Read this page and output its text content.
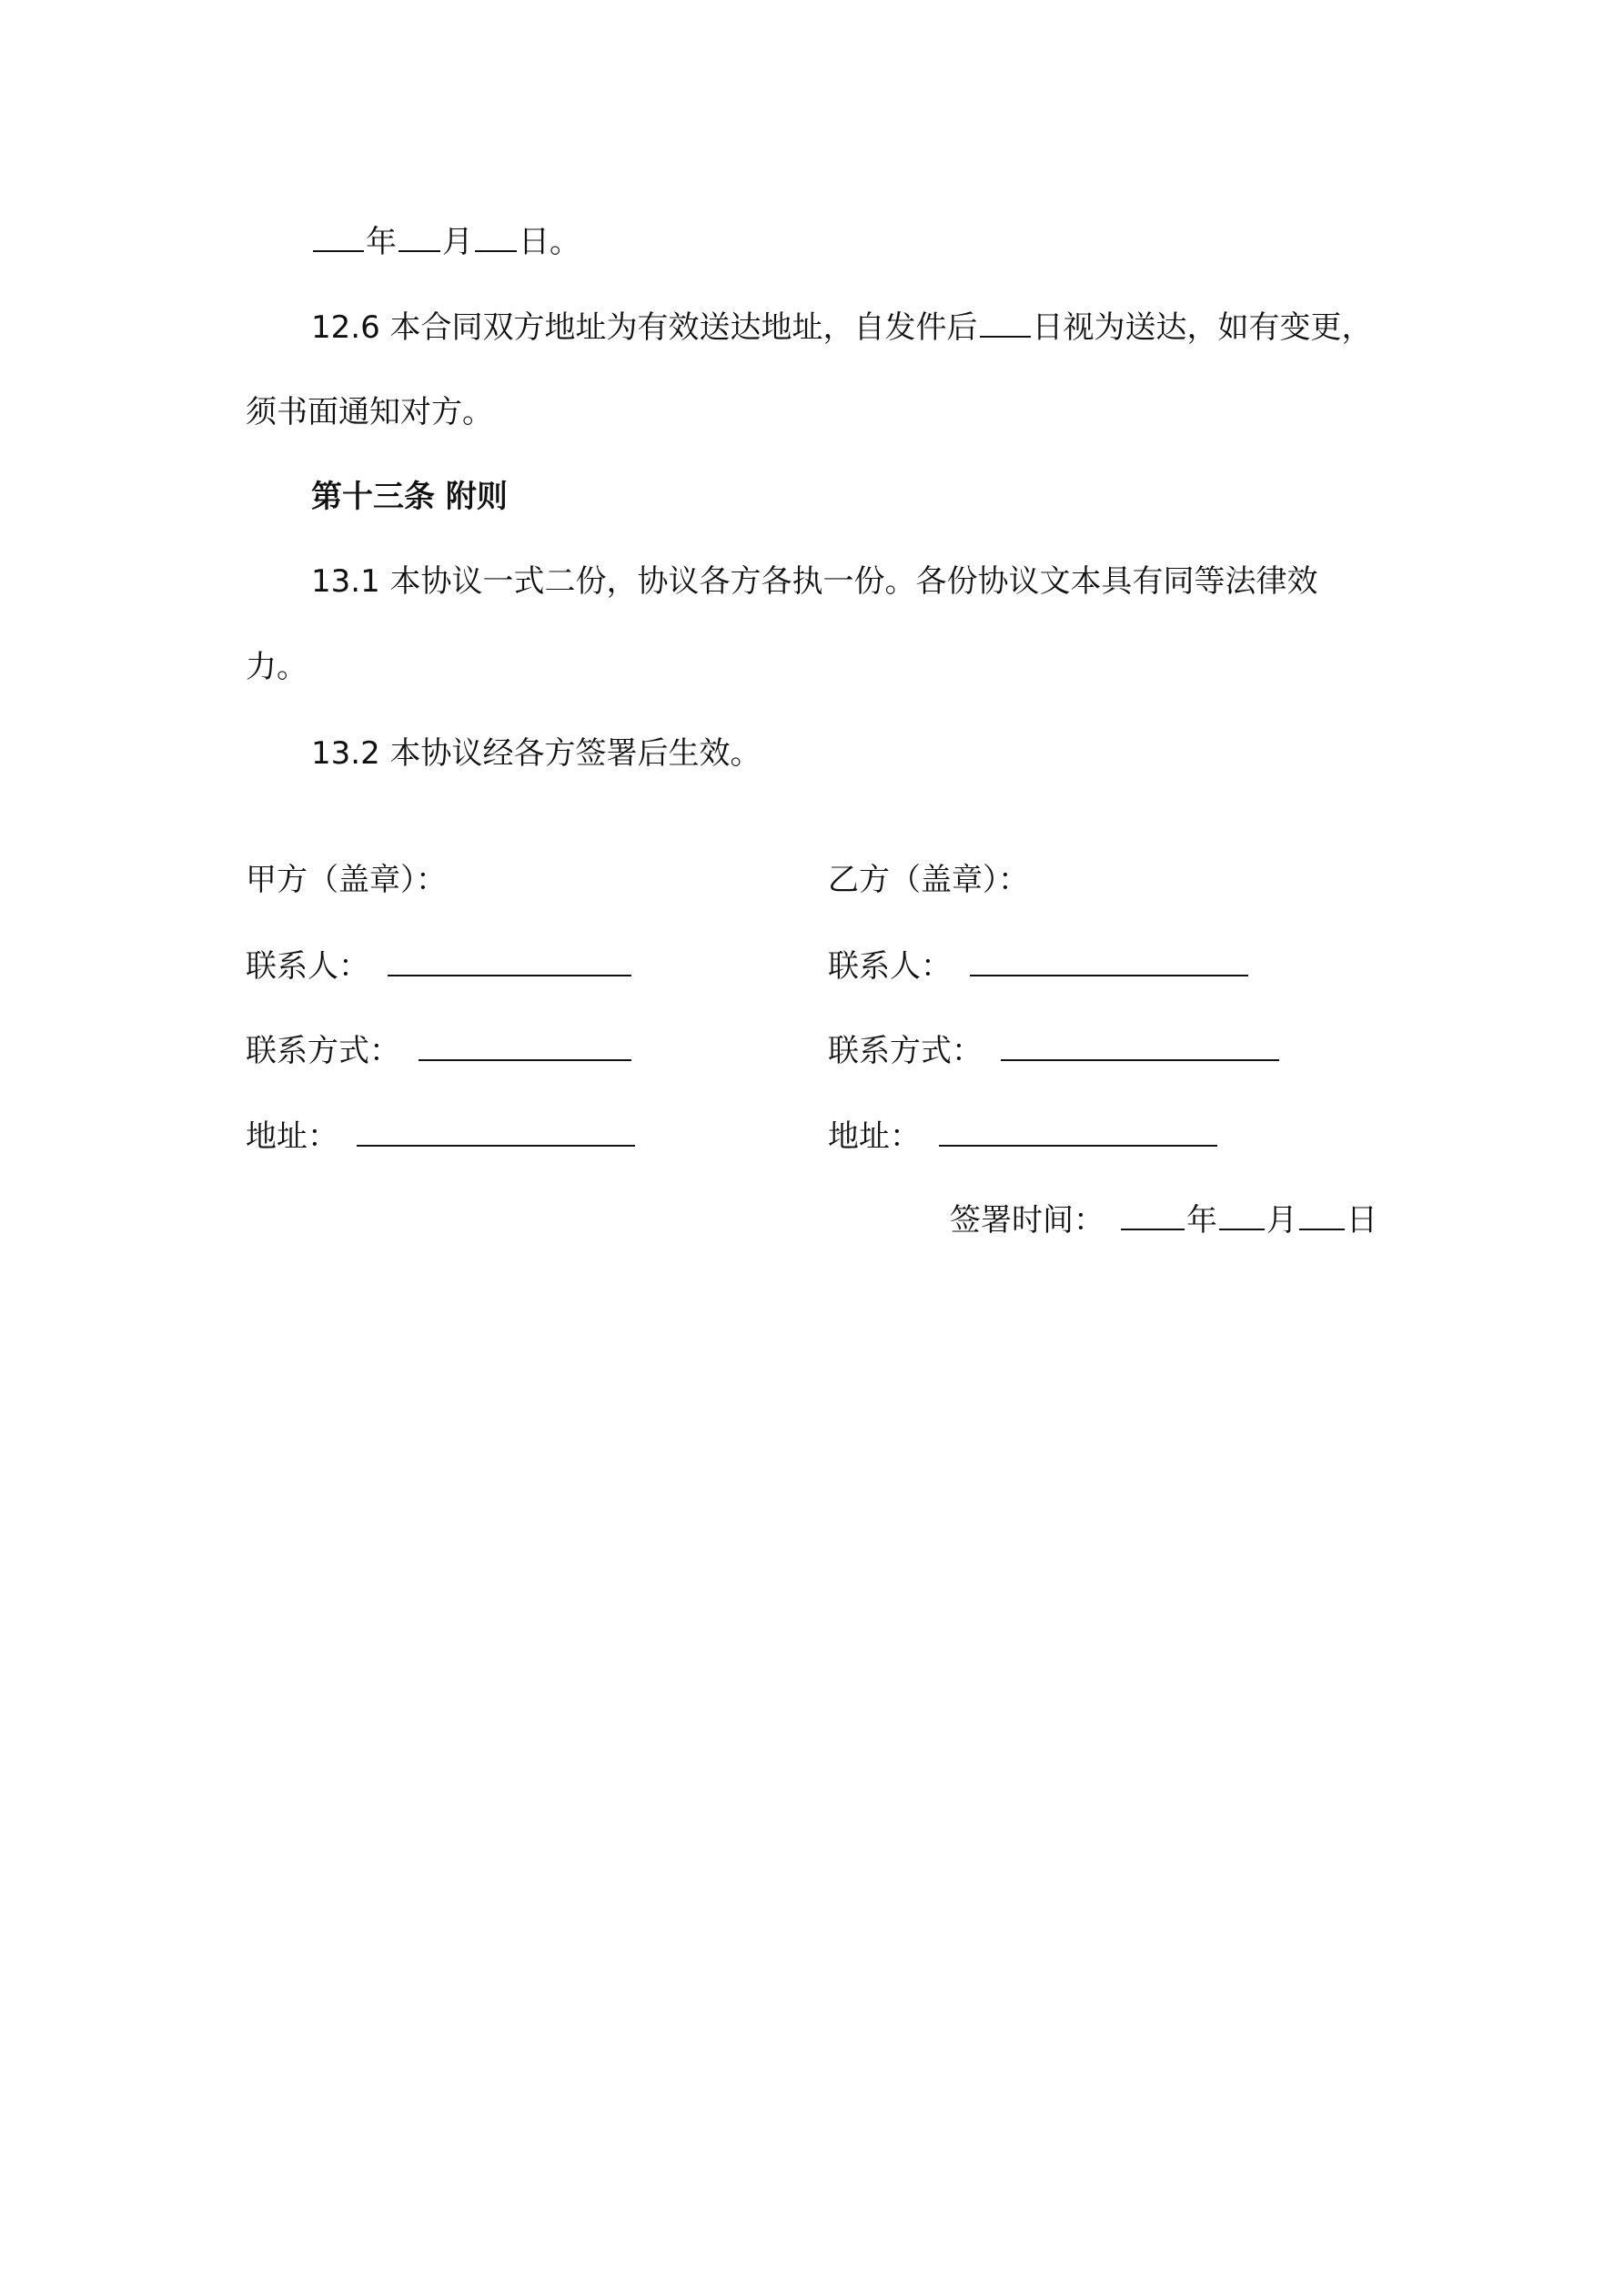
年 月 日。
12.6 本合同双方地址为有效送达地址，自发件后 日视为送达，如有变更，
须书面通知对方。
第十三条 附则
13.1 本协议一式二份，协议各方各执一份。各份协议文本具有同等法律效
力。
13.2 本协议经各方签署后生效。
甲方（盖章）：
联系人：
联系方式：
地址：
乙方（盖章）：
联系人：
联系方式：
地址：
签署时间：	年 月 日
